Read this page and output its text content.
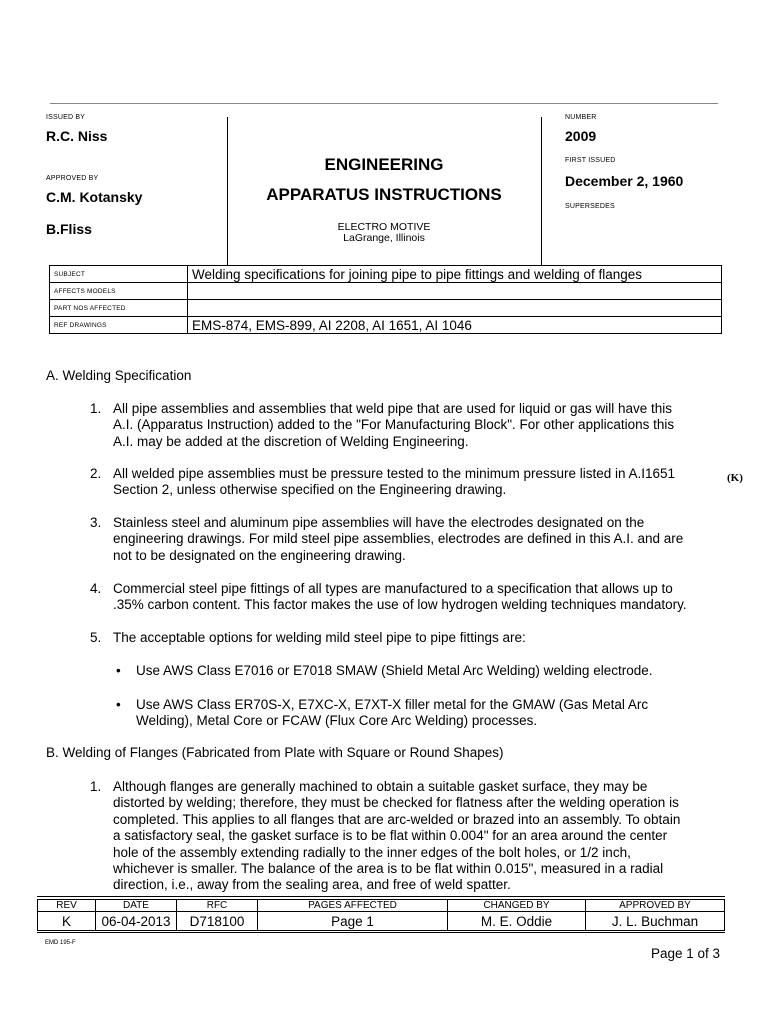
ISSUED BY
R.C. Niss
APPROVED BY
C.M. Kotansky
B.Fliss
ENGINEERING
APPARATUS INSTRUCTIONS
ELECTRO MOTIVE
LaGrange, Illinois
NUMBER
2009
FIRST ISSUED
December 2, 1960
SUPERSEDES
SUBJECT	Welding specifications for joining pipe to pipe fittings and welding of flanges
AFFECTS MODELS	
PART NOS AFFECTED	
REF DRAWINGS	EMS-874, EMS-899, AI 2208, AI 1651, AI 1046
A. Welding Specification
1. All pipe assemblies and assemblies that weld pipe that are used for liquid or gas will have this
A.I. (Apparatus Instruction) added to the "For Manufacturing Block". For other applications this
A.I. may be added at the discretion of Welding Engineering.
2. All welded pipe assemblies must be pressure tested to the minimum pressure listed in A.I1651
Section 2, unless otherwise specified on the Engineering drawing.
(K)
3. Stainless steel and aluminum pipe assemblies will have the electrodes designated on the
engineering drawings. For mild steel pipe assemblies, electrodes are defined in this A.I. and are
not to be designated on the engineering drawing.
4. Commercial steel pipe fittings of all types are manufactured to a specification that allows up to
.35% carbon content. This factor makes the use of low hydrogen welding techniques mandatory.
5. The acceptable options for welding mild steel pipe to pipe fittings are:
• Use AWS Class E7016 or E7018 SMAW (Shield Metal Arc Welding) welding electrode.
• Use AWS Class ER70S-X, E7XC-X, E7XT-X filler metal for the GMAW (Gas Metal Arc
Welding), Metal Core or FCAW (Flux Core Arc Welding) processes.
B. Welding of Flanges (Fabricated from Plate with Square or Round Shapes)
1. Although flanges are generally machined to obtain a suitable gasket surface, they may be
distorted by welding; therefore, they must be checked for flatness after the welding operation is
completed. This applies to all flanges that are arc-welded or brazed into an assembly. To obtain
a satisfactory seal, the gasket surface is to be flat within 0.004" for an area around the center
hole of the assembly extending radially to the inner edges of the bolt holes, or 1/2 inch,
whichever is smaller. The balance of the area is to be flat within 0.015", measured in a radial
direction, i.e., away from the sealing area, and free of weld spatter.
REV	DATE	RFC	PAGES AFFECTED	CHANGED BY	APPROVED BY
K	06-04-2013	D718100	Page 1	M. E. Oddie	J. L. Buchman
EMD 195-F
Page 1 of 3
